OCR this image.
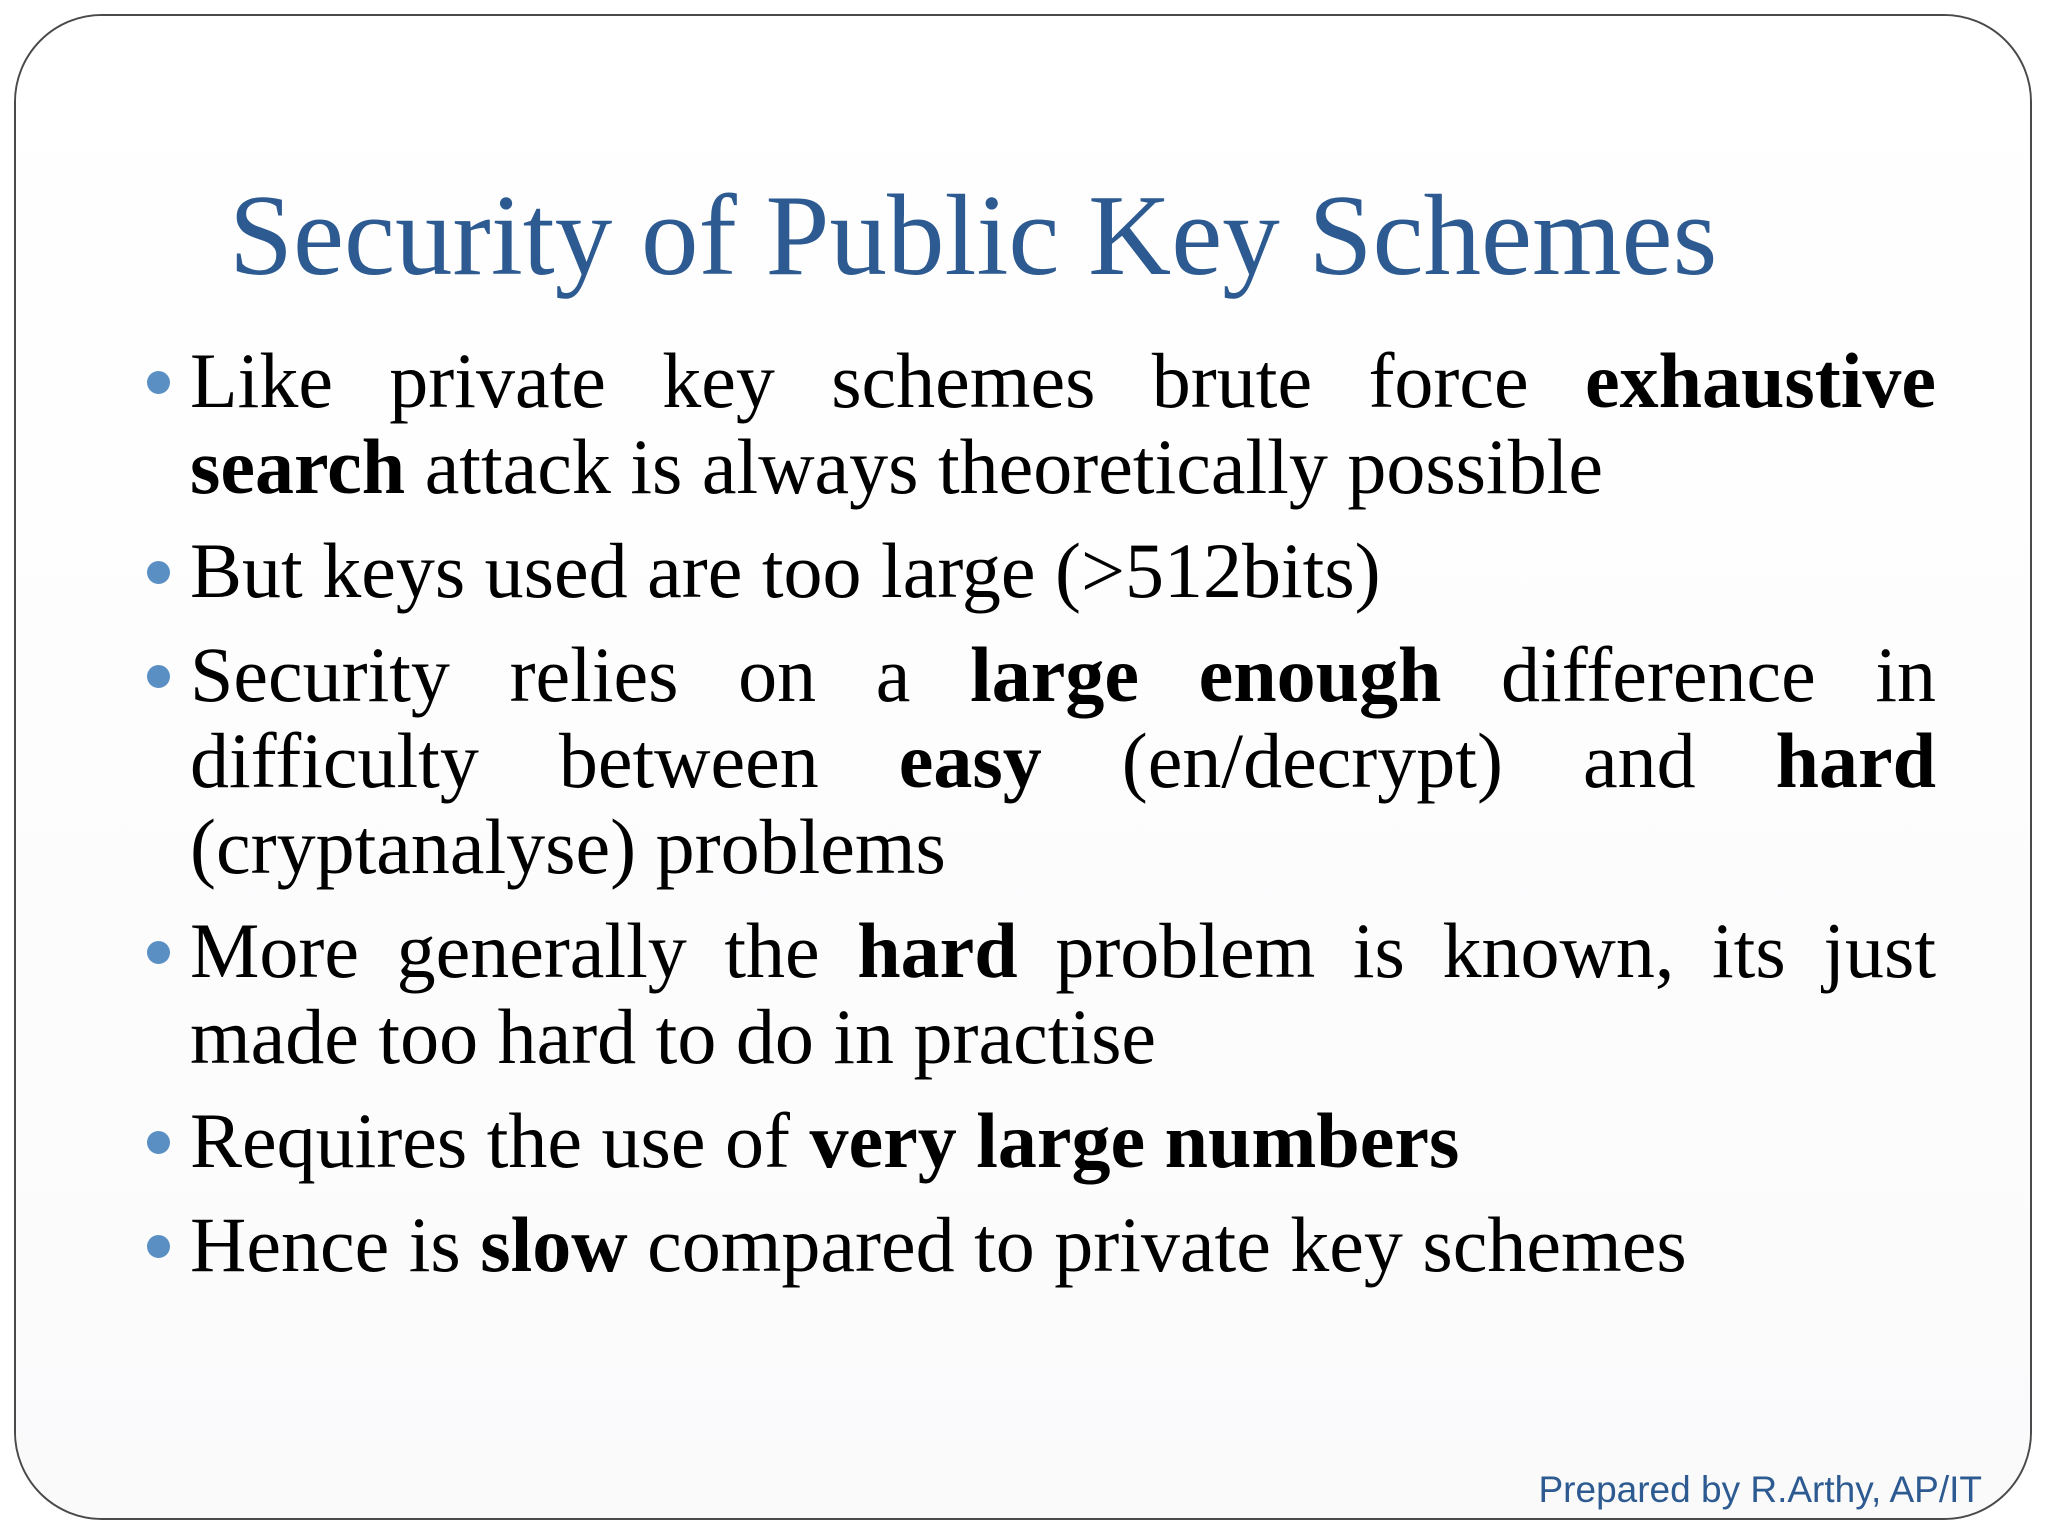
Security of Public Key Schemes
Like private key schemes brute force exhaustive search attack is always theoretically possible
But keys used are too large (>512bits)
Security relies on a large enough difference in difficulty between easy (en/decrypt) and hard (cryptanalyse) problems
More generally the hard problem is known, its just made too hard to do in practise
Requires the use of very large numbers
Hence is slow compared to private key schemes

Prepared by R.Arthy, AP/IT
